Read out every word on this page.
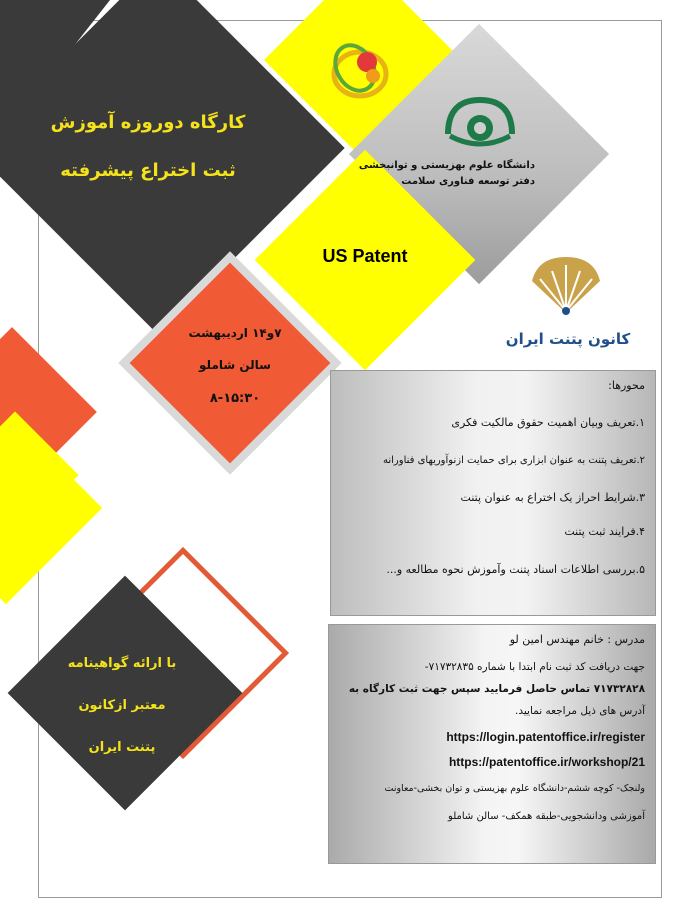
کارگاه دوروزه آموزش
ثبت اختراع پیشرفته	دانشگاه علوم بهزیستی و توانبخشی
دفتر توسعه فناوری سلامت
US Patent
کانون پتنت ایران
۷و۱۴ اردیبهشت
سالن شاملو
۸-۱۵:۳۰
محورها:
۱.تعریف وبیان اهمیت حقوق مالکیت فکری
۲.تعریف پتنت به عنوان ابزاری برای حمایت ازنوآوریهای فناورانه
۳.شرایط احراز یک اختراع به عنوان پتنت
۴.فرایند ثبت پتنت
۵.بررسی اطلاعات اسناد پتنت وآموزش نحوه مطالعه و...
مدرس : خانم مهندس امین لو
جهت دریافت کد ثبت نام ابتدا با شماره ۷۱۷۳۲۸۳۵-
۷۱۷۳۲۸۲۸ تماس حاصل فرمایید سپس جهت ثبت کارگاه به
آدرس های ذیل مراجعه نمایید.
https://login.patentoffice.ir/register
https://patentoffice.ir/workshop/21
ولنجک- کوچه ششم-دانشگاه علوم بهزیستی و توان بخشی-معاونت
آموزشی ودانشجویی-طبقه همکف- سالن شاملو
با ارائه گواهینامه
معتبر ازکانون
پتنت ایران
